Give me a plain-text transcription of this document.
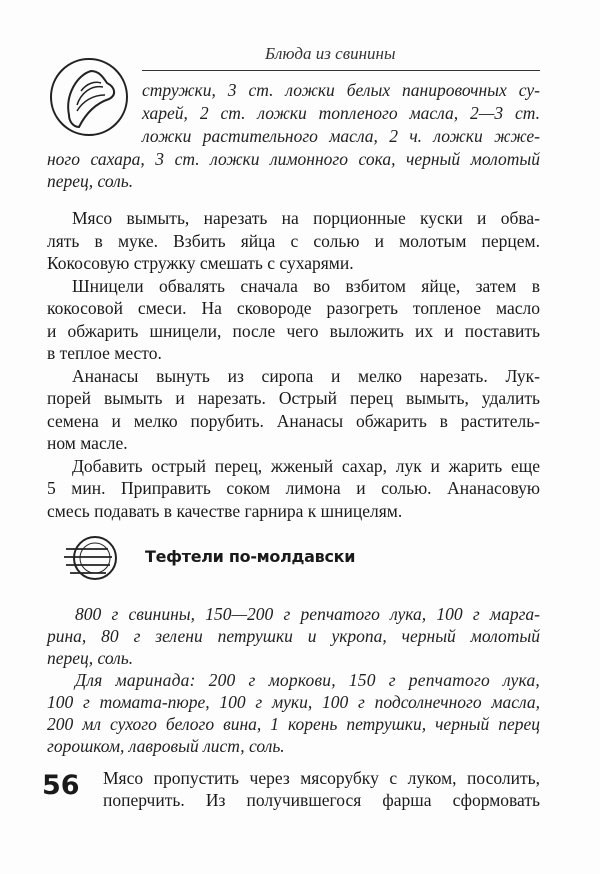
Блюда из свинины
стружки, 3 ст. ложки белых панировочных су-
харей, 2 ст. ложки топленого масла, 2—3 ст.
ложки растительного масла, 2 ч. ложки жже-
ного сахара, 3 ст. ложки лимонного сока, черный молотый
перец, соль.
Мясо вымыть, нарезать на порционные куски и обва-
лять в муке. Взбить яйца с солью и молотым перцем.
Кокосовую стружку смешать с сухарями.
Шницели обвалять сначала во взбитом яйце, затем в
кокосовой смеси. На сковороде разогреть топленое масло
и обжарить шницели, после чего выложить их и поставить
в теплое место.
Ананасы вынуть из сиропа и мелко нарезать. Лук-
порей вымыть и нарезать. Острый перец вымыть, удалить
семена и мелко порубить. Ананасы обжарить в раститель-
ном масле.
Добавить острый перец, жженый сахар, лук и жарить еще
5 мин. Приправить соком лимона и солью. Ананасовую
смесь подавать в качестве гарнира к шницелям.
Тефтели по-молдавски
800 г свинины, 150—200 г репчатого лука, 100 г марга-
рина, 80 г зелени петрушки и укропа, черный молотый
перец, соль.
Для маринада: 200 г моркови, 150 г репчатого лука,
100 г томата-пюре, 100 г муки, 100 г подсолнечного масла,
200 мл сухого белого вина, 1 корень петрушки, черный перец
горошком, лавровый лист, соль.
56 Мясо пропустить через мясорубку с луком, посолить,
поперчить. Из получившегося фарша сформовать
